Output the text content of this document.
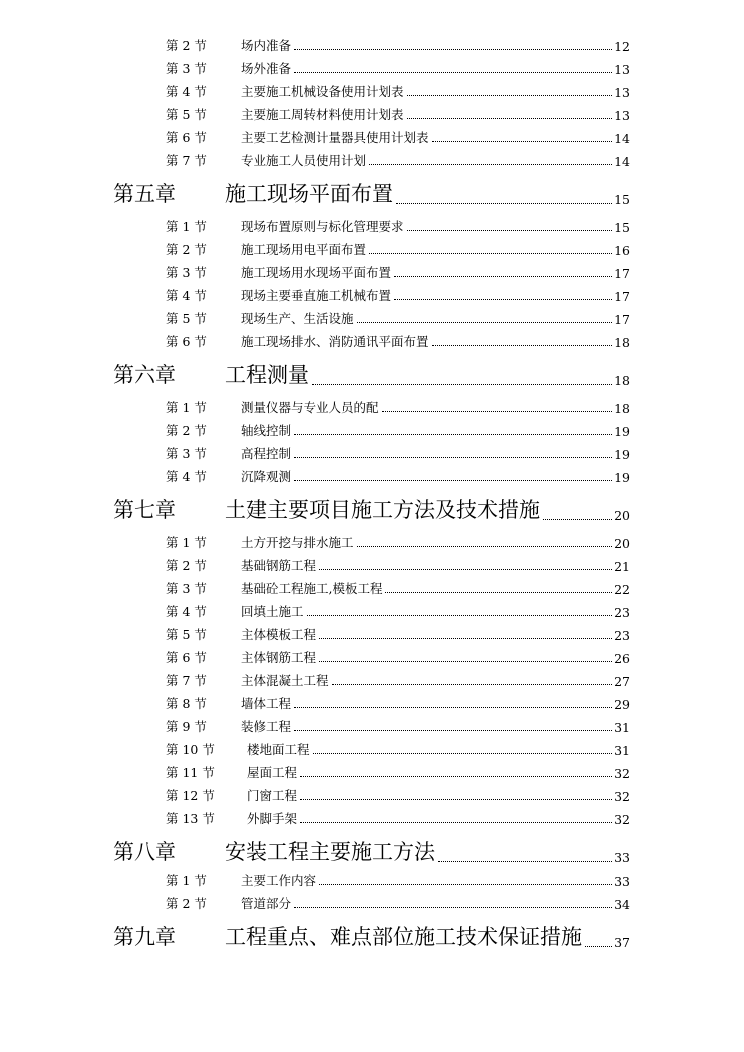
第 2 节	场内准备	12
第 3 节	场外准备	13
第 4 节	主要施工机械设备使用计划表	13
第 5 节	主要施工周转材料使用计划表	13
第 6 节	主要工艺检测计量器具使用计划表	14
第 7 节	专业施工人员使用计划	14
第五章	施工现场平面布置	15
第 1 节	现场布置原则与标化管理要求	15
第 2 节	施工现场用电平面布置	16
第 3 节	施工现场用水现场平面布置	17
第 4 节	现场主要垂直施工机械布置	17
第 5 节	现场生产、生活设施	17
第 6 节	施工现场排水、消防通讯平面布置	18
第六章	工程测量	18
第 1 节	测量仪器与专业人员的配	18
第 2 节	轴线控制	19
第 3 节	高程控制	19
第 4 节	沉降观测	19
第七章	土建主要项目施工方法及技术措施	20
第 1 节	土方开挖与排水施工	20
第 2 节	基础钢筋工程	21
第 3 节	基础砼工程施工,模板工程	22
第 4 节	回填土施工	23
第 5 节	主体模板工程	23
第 6 节	主体钢筋工程	26
第 7 节	主体混凝土工程	27
第 8 节	墙体工程	29
第 9 节	装修工程	31
第 10 节	楼地面工程	31
第 11 节	屋面工程	32
第 12 节	门窗工程	32
第 13 节	外脚手架	32
第八章	安装工程主要施工方法	33
第 1 节	主要工作内容	33
第 2 节	管道部分	34
第九章	工程重点、难点部位施工技术保证措施	37
